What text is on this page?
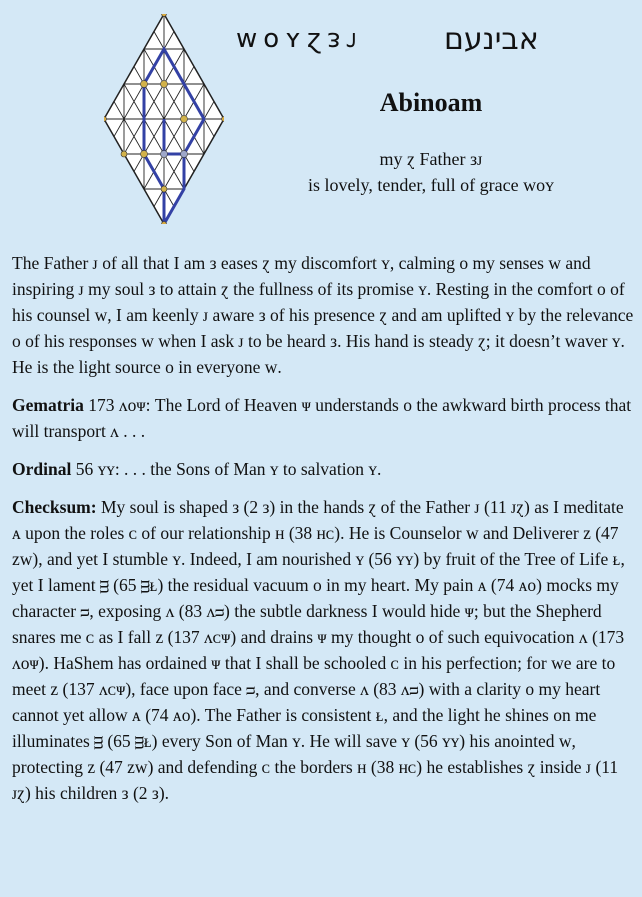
ᴡᴏʏɀᴈᴊ	אבינעם
Abinoam
my ɀ Father ᴈᴊ
is lovely, tender, full of grace ᴡᴏʏ

The Father ᴊ of all that I am ᴈ eases ɀ my discomfort ʏ, calming ᴏ my senses ᴡ and inspiring ᴊ my soul ᴈ to attain ɀ the fullness of its promise ʏ. Resting in the comfort ᴏ of his counsel ᴡ, I am keenly ᴊ aware ᴈ of his presence ɀ and am uplifted ʏ by the relevance ᴏ of his responses ᴡ when I ask ᴊ to be heard ᴈ. His hand is steady ɀ; it doesn’t waver ʏ. He is the light source ᴏ in everyone ᴡ.

Gematria 173 ᴧᴏᴪ: The Lord of Heaven ᴪ understands ᴏ the awkward birth process that will transport ᴧ . . .

Ordinal 56 ʏʏ: . . . the Sons of Man ʏ to salvation ʏ.

Checksum: My soul is shaped ᴈ (2 ᴈ) in the hands ɀ of the Father ᴊ (11 ᴊɀ) as I meditate ᴀ upon the roles ᴄ of our relationship ʜ (38 ʜᴄ). He is Counselor ᴡ and Deliverer ᴢ (47 ᴢᴡ), and yet I stumble ʏ. Indeed, I am nourished ʏ (56 ʏʏ) by fruit of the Tree of Life ᴌ, yet I lament ᴟ (65 ᴟᴌ) the residual vacuum ᴏ in my heart. My pain ᴀ (74 ᴀᴏ) mocks my character ᴝ, exposing ᴧ (83 ᴧᴝ) the subtle darkness I would hide ᴪ; but the Shepherd snares me ᴄ as I fall ᴢ (137 ᴧᴄᴪ) and drains ᴪ my thought ᴏ of such equivocation ᴧ (173 ᴧᴏᴪ). HaShem has ordained ᴪ that I shall be schooled ᴄ in his perfection; for we are to meet ᴢ (137 ᴧᴄᴪ), face upon face ᴝ, and converse ᴧ (83 ᴧᴝ) with a clarity ᴏ my heart cannot yet allow ᴀ (74 ᴀᴏ). The Father is consistent ᴌ, and the light he shines on me illuminates ᴟ (65 ᴟᴌ) every Son of Man ʏ. He will save ʏ (56 ʏʏ) his anointed ᴡ, protecting ᴢ (47 ᴢᴡ) and defending ᴄ the borders ʜ (38 ʜᴄ) he establishes ɀ inside ᴊ (11 ᴊɀ) his children ᴈ (2 ᴈ).
